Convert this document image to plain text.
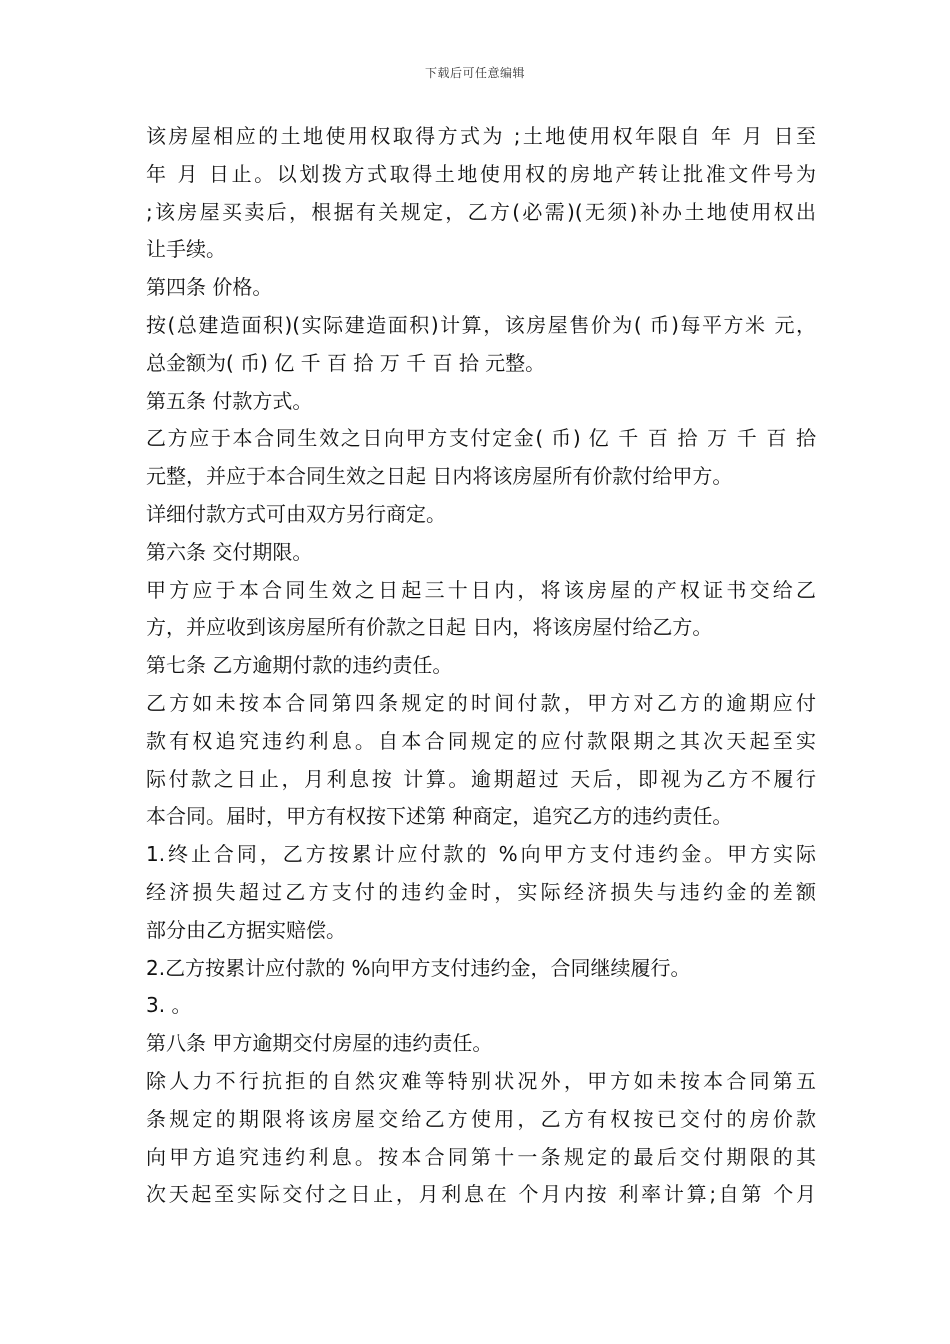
下载后可任意编辑
该房屋相应的土地使用权取得方式为 ;土地使用权年限自 年 月 日至
年 月 日止。以划拨方式取得土地使用权的房地产转让批准文件号为
;该房屋买卖后，根据有关规定，乙方(必需)(无须)补办土地使用权出
让手续。
第四条 价格。
按(总建造面积)(实际建造面积)计算，该房屋售价为( 币)每平方米 元，
总金额为( 币) 亿 千 百 拾 万 千 百 拾 元整。
第五条 付款方式。
乙方应于本合同生效之日向甲方支付定金( 币) 亿 千 百 拾 万 千 百 拾
元整，并应于本合同生效之日起 日内将该房屋所有价款付给甲方。
详细付款方式可由双方另行商定。
第六条 交付期限。
甲方应于本合同生效之日起三十日内，将该房屋的产权证书交给乙
方，并应收到该房屋所有价款之日起 日内，将该房屋付给乙方。
第七条 乙方逾期付款的违约责任。
乙方如未按本合同第四条规定的时间付款，甲方对乙方的逾期应付
款有权追究违约利息。自本合同规定的应付款限期之其次天起至实
际付款之日止，月利息按 计算。逾期超过 天后，即视为乙方不履行
本合同。届时，甲方有权按下述第 种商定，追究乙方的违约责任。
1.终止合同，乙方按累计应付款的 %向甲方支付违约金。甲方实际
经济损失超过乙方支付的违约金时，实际经济损失与违约金的差额
部分由乙方据实赔偿。
2.乙方按累计应付款的 %向甲方支付违约金，合同继续履行。
3. 。
第八条 甲方逾期交付房屋的违约责任。
除人力不行抗拒的自然灾难等特别状况外，甲方如未按本合同第五
条规定的期限将该房屋交给乙方使用，乙方有权按已交付的房价款
向甲方追究违约利息。按本合同第十一条规定的最后交付期限的其
次天起至实际交付之日止，月利息在 个月内按 利率计算;自第 个月
